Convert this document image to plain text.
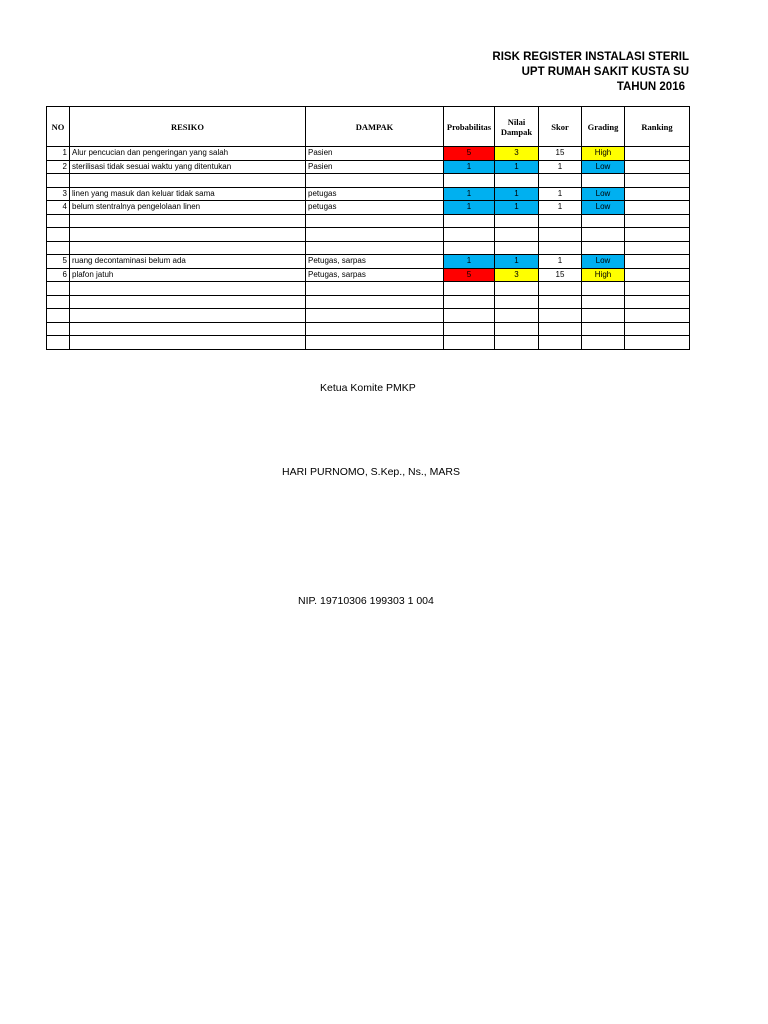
RISK REGISTER INSTALASI STERIL
UPT RUMAH SAKIT KUSTA SU
TAHUN 2016
NO	RESIKO	DAMPAK	Probabilitas	Nilai Dampak	Skor	Grading	Ranking
1	Alur pencucian dan pengeringan yang salah	Pasien	5	3	15	High	
2	sterilisasi tidak sesuai waktu yang ditentukan	Pasien	1	1	1	Low	

3	linen yang masuk dan keluar tidak sama	petugas	1	1	1	Low	
4	belum stentralnya pengelolaan linen	petugas	1	1	1	Low	

5	ruang decontaminasi belum ada	Petugas, sarpas	1	1	1	Low	
6	plafon jatuh	Petugas, sarpas	5	3	15	High	

Ketua Komite PMKP
HARI PURNOMO, S.Kep., Ns., MARS
NIP. 19710306 199303 1 004
